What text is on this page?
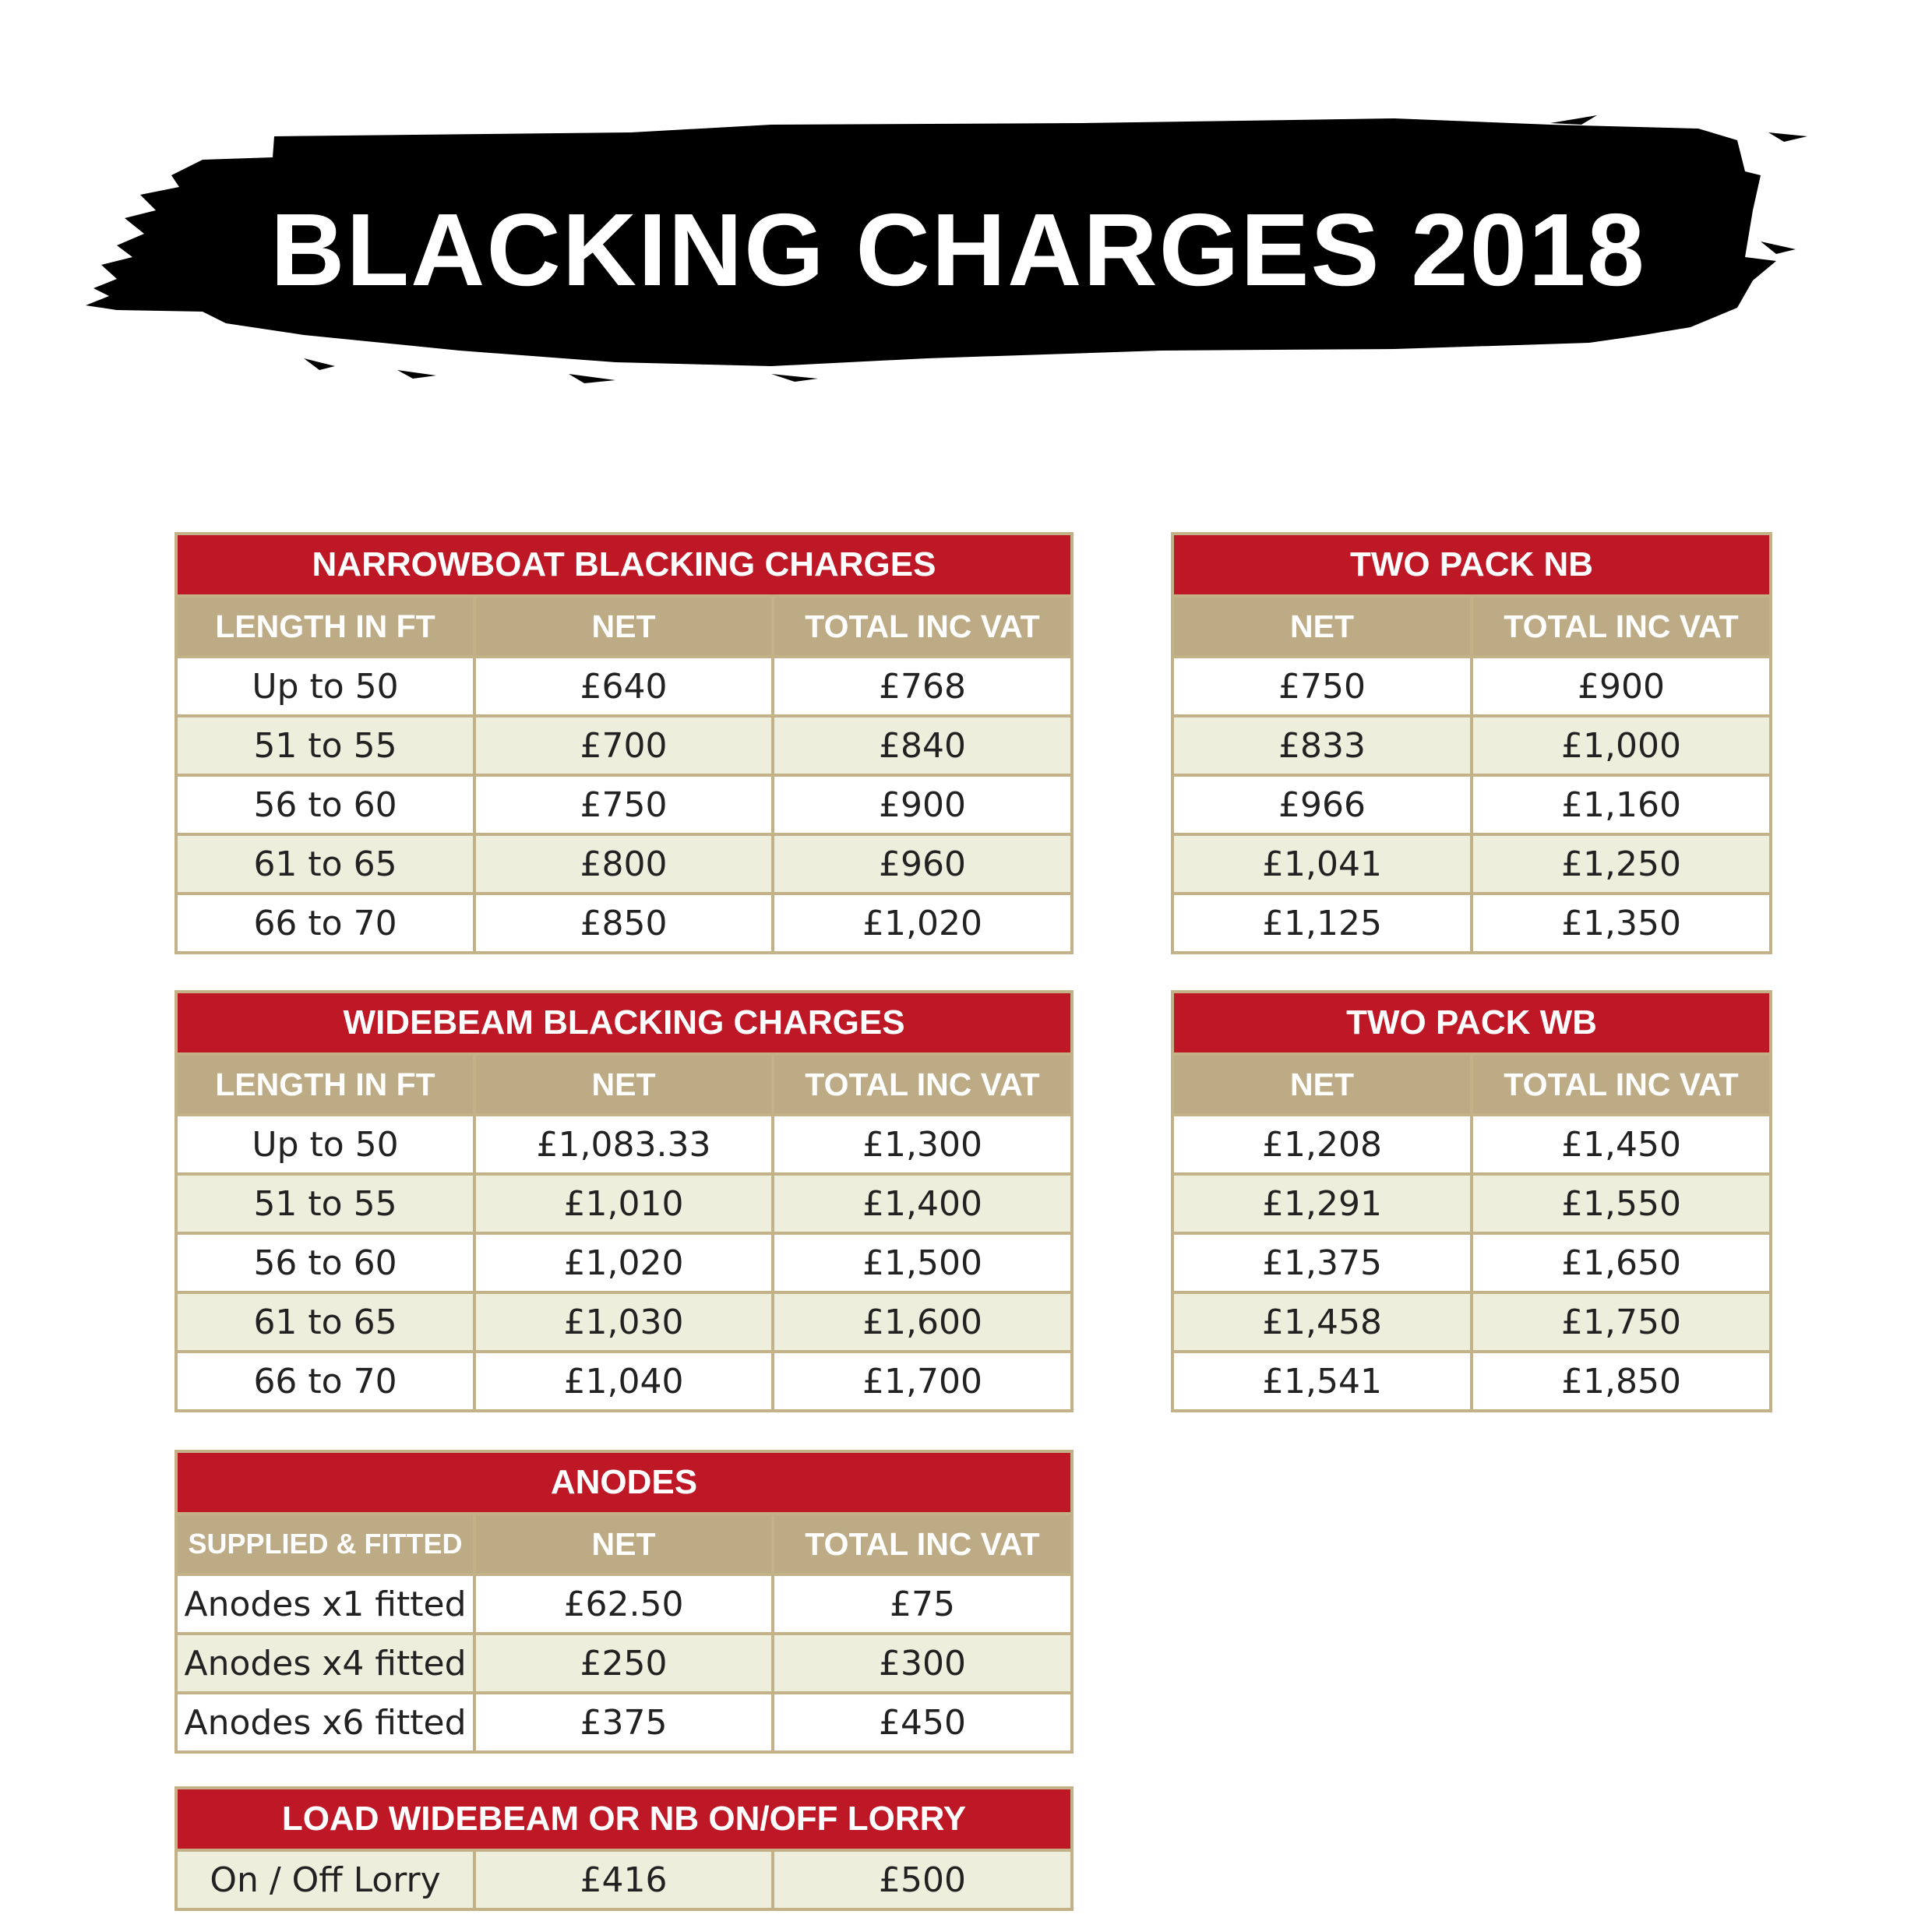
BLACKING CHARGES 2018
NARROWBOAT BLACKING CHARGES		
LENGTH IN FT	NET	TOTAL INC VAT
Up to 50	£640	£768
51 to 55	£700	£840
56 to 60	£750	£900
61 to 65	£800	£960
66 to 70	£850	£1,020
WIDEBEAM BLACKING CHARGES		
LENGTH IN FT	NET	TOTAL INC VAT
Up to 50	£1,083.33	£1,300
51 to 55	£1,010	£1,400
56 to 60	£1,020	£1,500
61 to 65	£1,030	£1,600
66 to 70	£1,040	£1,700
ANODES		
SUPPLIED & FITTED	NET	TOTAL INC VAT
Anodes x1 fitted	£62.50	£75
Anodes x4 fitted	£250	£300
Anodes x6 fitted	£375	£450
LOAD WIDEBEAM OR NB ON/OFF LORRY
On / Off Lorry	£416	£500
TWO PACK NB	
NET	TOTAL INC VAT
£750	£900
£833	£1,000
£966	£1,160
£1,041	£1,250
£1,125	£1,350
TWO PACK WB	
NET	TOTAL INC VAT
£1,208	£1,450
£1,291	£1,550
£1,375	£1,650
£1,458	£1,750
£1,541	£1,850
